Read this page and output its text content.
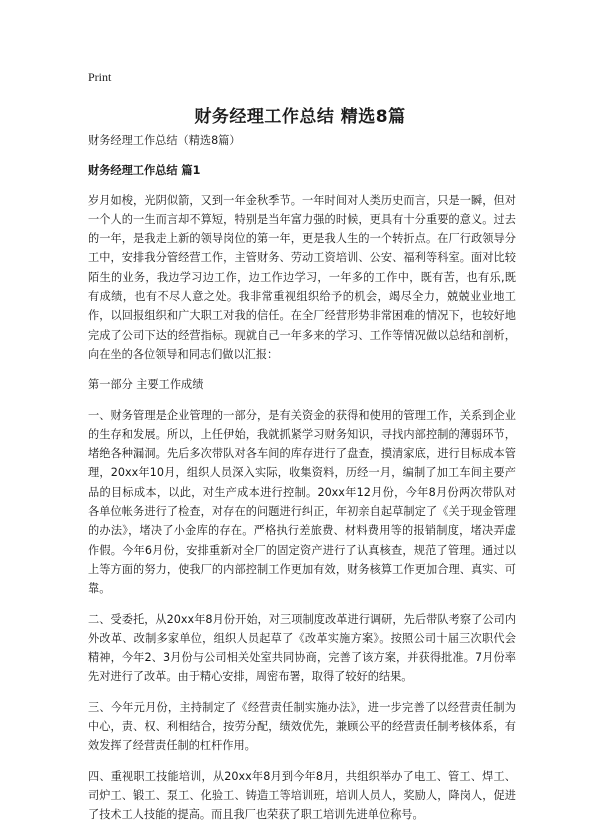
Print
财务经理工作总结 精选8篇

财务经理工作总结（精选8篇）

财务经理工作总结 篇1

岁月如梭，光阴似箭，又到一年金秋季节。一年时间对人类历史而言，只是一瞬，但对一个人的一生而言却不算短，特别是当年富力强的时候，更具有十分重要的意义。过去的一年，是我走上新的领导岗位的第一年，更是我人生的一个转折点。在厂行政领导分工中，安排我分管经营工作，主管财务、劳动工资培训、公安、福利等科室。面对比较陌生的业务，我边学习边工作，边工作边学习，一年多的工作中，既有苦，也有乐,既有成绩，也有不尽人意之处。我非常重视组织给予的机会，竭尽全力，兢兢业业地工作，以回报组织和广大职工对我的信任。在全厂经营形势非常困难的情况下，也较好地完成了公司下达的经营指标。现就自己一年多来的学习、工作等情况做以总结和剖析，向在坐的各位领导和同志们做以汇报：

第一部分 主要工作成绩

一、财务管理是企业管理的一部分，是有关资金的获得和使用的管理工作，关系到企业的生存和发展。所以，上任伊始，我就抓紧学习财务知识，寻找内部控制的薄弱环节，堵绝各种漏洞。先后多次带队对各车间的库存进行了盘查，摸清家底，进行目标成本管理，20xx年10月，组织人员深入实际，收集资料，历经一月，编制了加工车间主要产品的目标成本，以此，对生产成本进行控制。20xx年12月份，今年8月份两次带队对各单位帐务进行了检查，对存在的问题进行纠正，年初亲自起草制定了《关于现金管理的办法》，堵决了小金库的存在。严格执行差旅费、材料费用等的报销制度，堵决弄虚作假。今年6月份，安排重新对全厂的固定资产进行了认真核查，规范了管理。通过以上等方面的努力，使我厂的内部控制工作更加有效，财务核算工作更加合理、真实、可靠。

二、受委托，从20xx年8月份开始，对三项制度改革进行调研，先后带队考察了公司内外改革、改制多家单位，组织人员起草了《改革实施方案》。按照公司十届三次职代会精神，今年2、3月份与公司相关处室共同协商，完善了该方案，并获得批准。7月份率先对进行了改革。由于精心安排，周密布署，取得了较好的结果。

三、今年元月份，主持制定了《经营责任制实施办法》，进一步完善了以经营责任制为中心，责、权、利相结合，按劳分配，绩效优先，兼顾公平的经营责任制考核体系，有效发挥了经营责任制的杠杆作用。

四、重视职工技能培训，从20xx年8月到今年8月，共组织举办了电工、管工、焊工、司炉工、锻工、泵工、化验工、铸造工等培训班，培训人员人，奖励人，降岗人，促进了技术工人技能的提高。而且我厂也荣获了职工培训先进单位称号。
